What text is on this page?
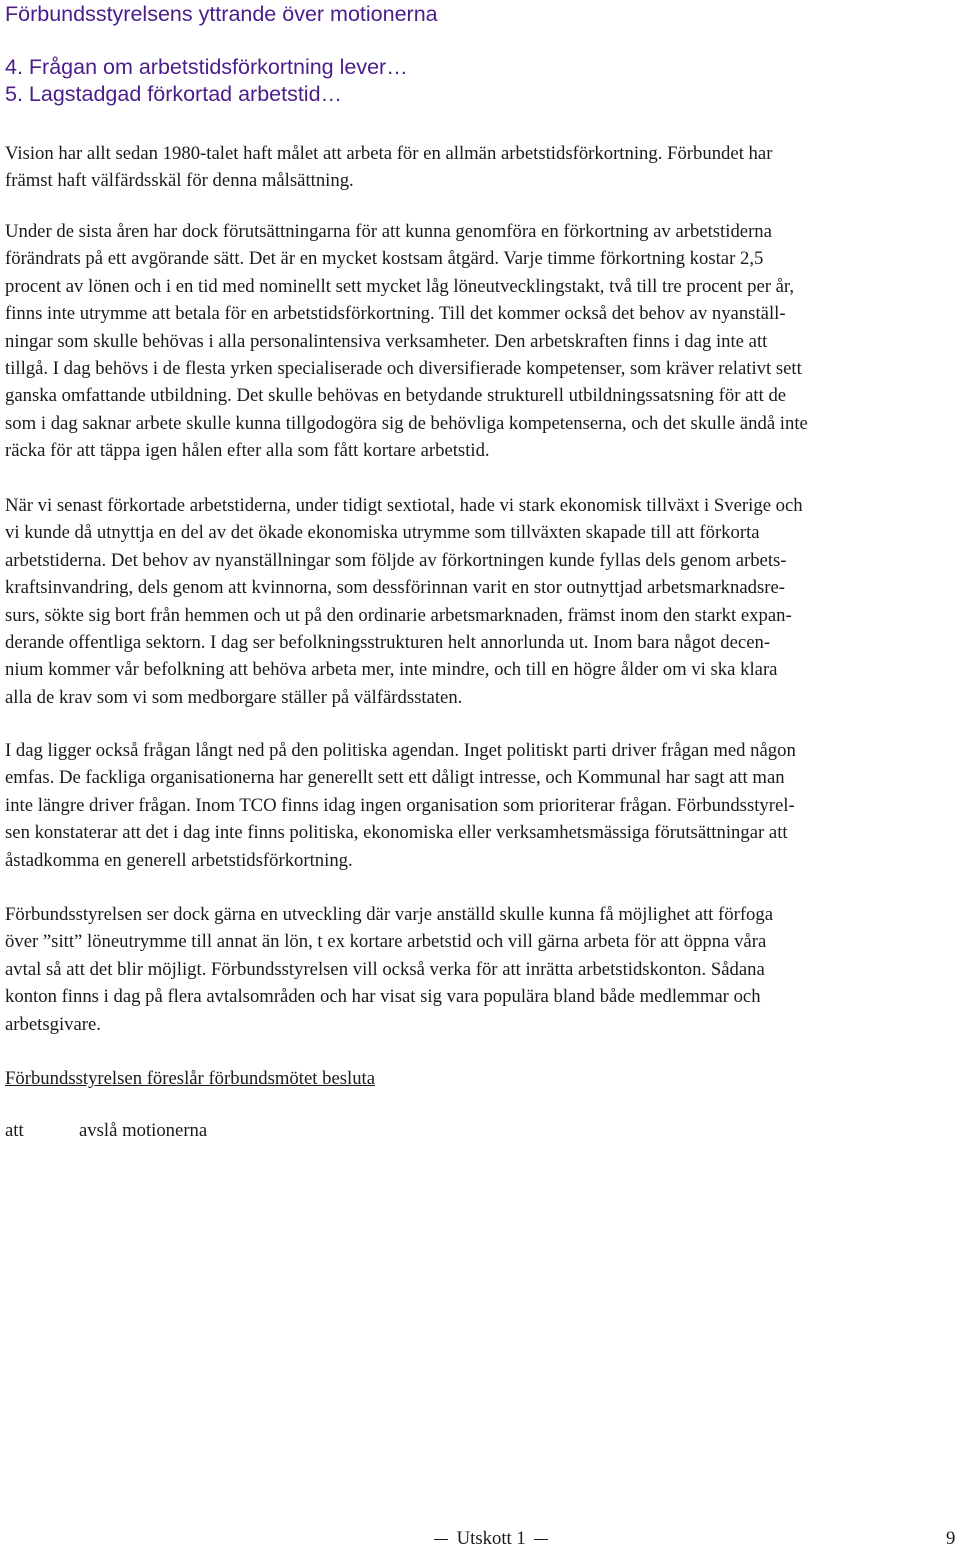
Förbundsstyrelsens yttrande över motionerna
4. Frågan om arbetstidsförkortning lever…
5. Lagstadgad förkortad arbetstid…

Vision har allt sedan 1980-talet haft målet att arbeta för en allmän arbetstidsförkortning. Förbundet har
främst haft välfärdsskäl för denna målsättning.

Under de sista åren har dock förutsättningarna för att kunna genomföra en förkortning av arbetstiderna
förändrats på ett avgörande sätt. Det är en mycket kostsam åtgärd. Varje timme förkortning kostar 2,5
procent av lönen och i en tid med nominellt sett mycket låg löneutvecklingstakt, två till tre procent per år,
finns inte utrymme att betala för en arbetstidsförkortning. Till det kommer också det behov av nyanställ-
ningar som skulle behövas i alla personalintensiva verksamheter. Den arbetskraften finns i dag inte att
tillgå. I dag behövs i de flesta yrken specialiserade och diversifierade kompetenser, som kräver relativt sett
ganska omfattande utbildning. Det skulle behövas en betydande strukturell utbildningssatsning för att de
som i dag saknar arbete skulle kunna tillgodogöra sig de behövliga kompetenserna, och det skulle ändå inte
räcka för att täppa igen hålen efter alla som fått kortare arbetstid.

När vi senast förkortade arbetstiderna, under tidigt sextiotal, hade vi stark ekonomisk tillväxt i Sverige och
vi kunde då utnyttja en del av det ökade ekonomiska utrymme som tillväxten skapade till att förkorta
arbetstiderna. Det behov av nyanställningar som följde av förkortningen kunde fyllas dels genom arbets-
kraftsinvandring, dels genom att kvinnorna, som dessförinnan varit en stor outnyttjad arbetsmarknadsre-
surs, sökte sig bort från hemmen och ut på den ordinarie arbetsmarknaden, främst inom den starkt expan-
derande offentliga sektorn. I dag ser befolkningsstrukturen helt annorlunda ut. Inom bara något decen-
nium kommer vår befolkning att behöva arbeta mer, inte mindre, och till en högre ålder om vi ska klara
alla de krav som vi som medborgare ställer på välfärdsstaten.

I dag ligger också frågan långt ned på den politiska agendan. Inget politiskt parti driver frågan med någon
emfas. De fackliga organisationerna har generellt sett ett dåligt intresse, och Kommunal har sagt att man
inte längre driver frågan. Inom TCO finns idag ingen organisation som prioriterar frågan. Förbundsstyrel-
sen konstaterar att det i dag inte finns politiska, ekonomiska eller verksamhetsmässiga förutsättningar att
åstadkomma en generell arbetstidsförkortning.

Förbundsstyrelsen ser dock gärna en utveckling där varje anställd skulle kunna få möjlighet att förfoga
över ”sitt” löneutrymme till annat än lön, t ex kortare arbetstid och vill gärna arbeta för att öppna våra
avtal så att det blir möjligt. Förbundsstyrelsen vill också verka för att inrätta arbetstidskonton. Sådana
konton finns i dag på flera avtalsområden och har visat sig vara populära bland både medlemmar och
arbetsgivare.

Förbundsstyrelsen föreslår förbundsmötet besluta
att	avslå motionerna
Utskott 1	9
